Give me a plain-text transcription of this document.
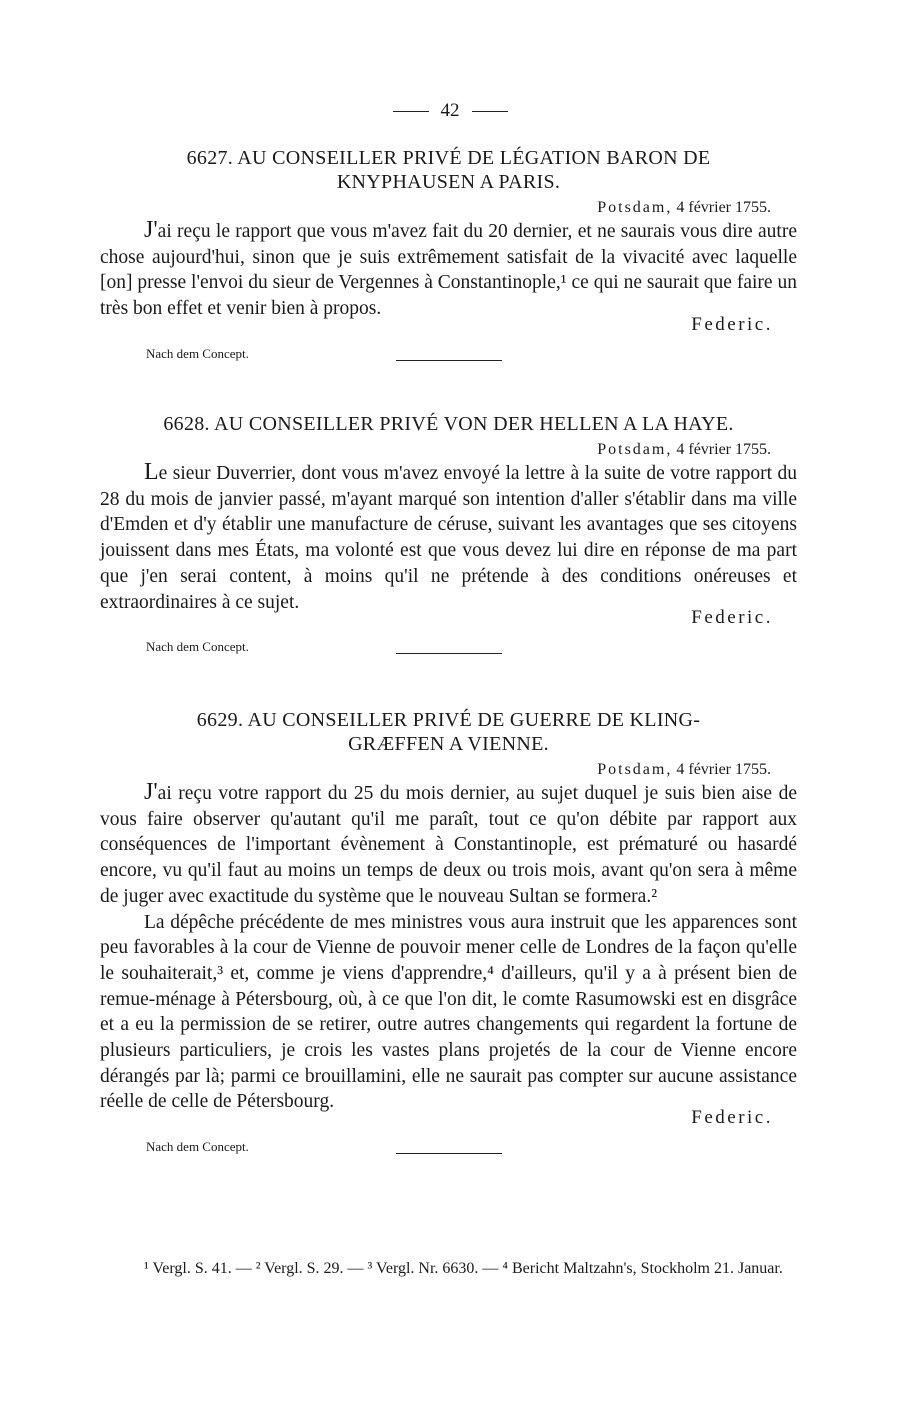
42
6627. AU CONSEILLER PRIVÉ DE LÉGATION BARON DE
KNYPHAUSEN A PARIS.
Potsdam, 4 février 1755.

J'ai reçu le rapport que vous m'avez fait du 20 dernier, et ne saurais vous dire autre chose aujourd'hui, sinon que je suis extrêmement satisfait de la vivacité avec laquelle [on] presse l'envoi du sieur de Vergennes à Constantinople,¹ ce qui ne saurait que faire un très bon effet et venir bien à propos.

Federic.
Nach dem Concept.
6628. AU CONSEILLER PRIVÉ VON DER HELLEN A LA HAYE.
Potsdam, 4 février 1755.

Le sieur Duverrier, dont vous m'avez envoyé la lettre à la suite de votre rapport du 28 du mois de janvier passé, m'ayant marqué son intention d'aller s'établir dans ma ville d'Emden et d'y établir une manufacture de céruse, suivant les avantages que ses citoyens jouissent dans mes États, ma volonté est que vous devez lui dire en réponse de ma part que j'en serai content, à moins qu'il ne prétende à des conditions onéreuses et extraordinaires à ce sujet.

Federic.
Nach dem Concept.
6629. AU CONSEILLER PRIVÉ DE GUERRE DE KLING-
GRÆFFEN A VIENNE.
Potsdam, 4 février 1755.

J'ai reçu votre rapport du 25 du mois dernier, au sujet duquel je suis bien aise de vous faire observer qu'autant qu'il me paraît, tout ce qu'on débite par rapport aux conséquences de l'important évènement à Constantinople, est prématuré ou hasardé encore, vu qu'il faut au moins un temps de deux ou trois mois, avant qu'on sera à même de juger avec exactitude du système que le nouveau Sultan se formera.²

La dépêche précédente de mes ministres vous aura instruit que les apparences sont peu favorables à la cour de Vienne de pouvoir mener celle de Londres de la façon qu'elle le souhaiterait,³ et, comme je viens d'apprendre,⁴ d'ailleurs, qu'il y a à présent bien de remue-ménage à Pétersbourg, où, à ce que l'on dit, le comte Rasumowski est en disgrâce et a eu la permission de se retirer, outre autres changements qui regardent la fortune de plusieurs particuliers, je crois les vastes plans projetés de la cour de Vienne encore dérangés par là; parmi ce brouillamini, elle ne saurait pas compter sur aucune assistance réelle de celle de Pétersbourg.

Federic.
Nach dem Concept.

¹ Vergl. S. 41. — ² Vergl. S. 29. — ³ Vergl. Nr. 6630. — ⁴ Bericht Maltzahn's, Stockholm 21. Januar.
